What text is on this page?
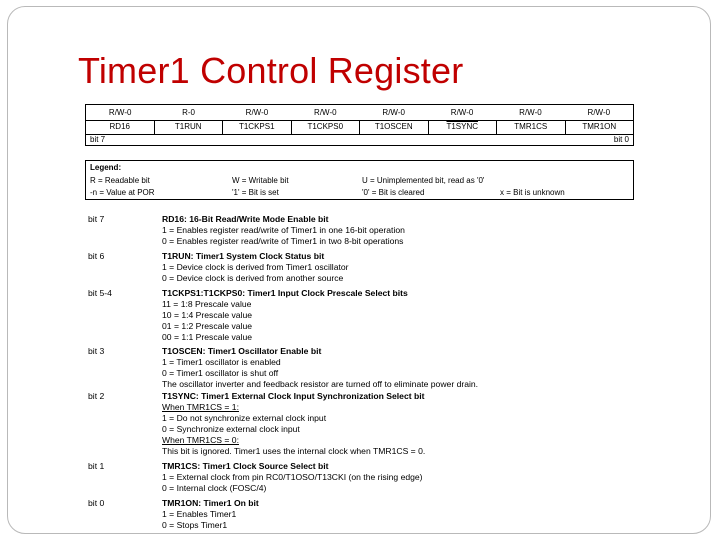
Timer1 Control Register
R/W-0	R-0	R/W-0	R/W-0	R/W-0	R/W-0	R/W-0	R/W-0
RD16	T1RUN	T1CKPS1	T1CKPS0	T1OSCEN	T1SYNC	TMR1CS	TMR1ON
bit 7	bit 0
Legend:
R = Readable bit	W = Writable bit	U = Unimplemented bit, read as '0'
-n = Value at POR	'1' = Bit is set	'0' = Bit is cleared	x = Bit is unknown
bit 7	RD16: 16-Bit Read/Write Mode Enable bit
1 = Enables register read/write of Timer1 in one 16-bit operation
0 = Enables register read/write of Timer1 in two 8-bit operations
bit 6	T1RUN: Timer1 System Clock Status bit
1 = Device clock is derived from Timer1 oscillator
0 = Device clock is derived from another source
bit 5-4	T1CKPS1:T1CKPS0: Timer1 Input Clock Prescale Select bits
11 = 1:8 Prescale value
10 = 1:4 Prescale value
01 = 1:2 Prescale value
00 = 1:1 Prescale value
bit 3	T1OSCEN: Timer1 Oscillator Enable bit
1 = Timer1 oscillator is enabled
0 = Timer1 oscillator is shut off
The oscillator inverter and feedback resistor are turned off to eliminate power drain.
bit 2	T1SYNC: Timer1 External Clock Input Synchronization Select bit
When TMR1CS = 1:
1 = Do not synchronize external clock input
0 = Synchronize external clock input
When TMR1CS = 0:
This bit is ignored. Timer1 uses the internal clock when TMR1CS = 0.
bit 1	TMR1CS: Timer1 Clock Source Select bit
1 = External clock from pin RC0/T1OSO/T13CKI (on the rising edge)
0 = Internal clock (FOSC/4)
bit 0	TMR1ON: Timer1 On bit
1 = Enables Timer1
0 = Stops Timer1
